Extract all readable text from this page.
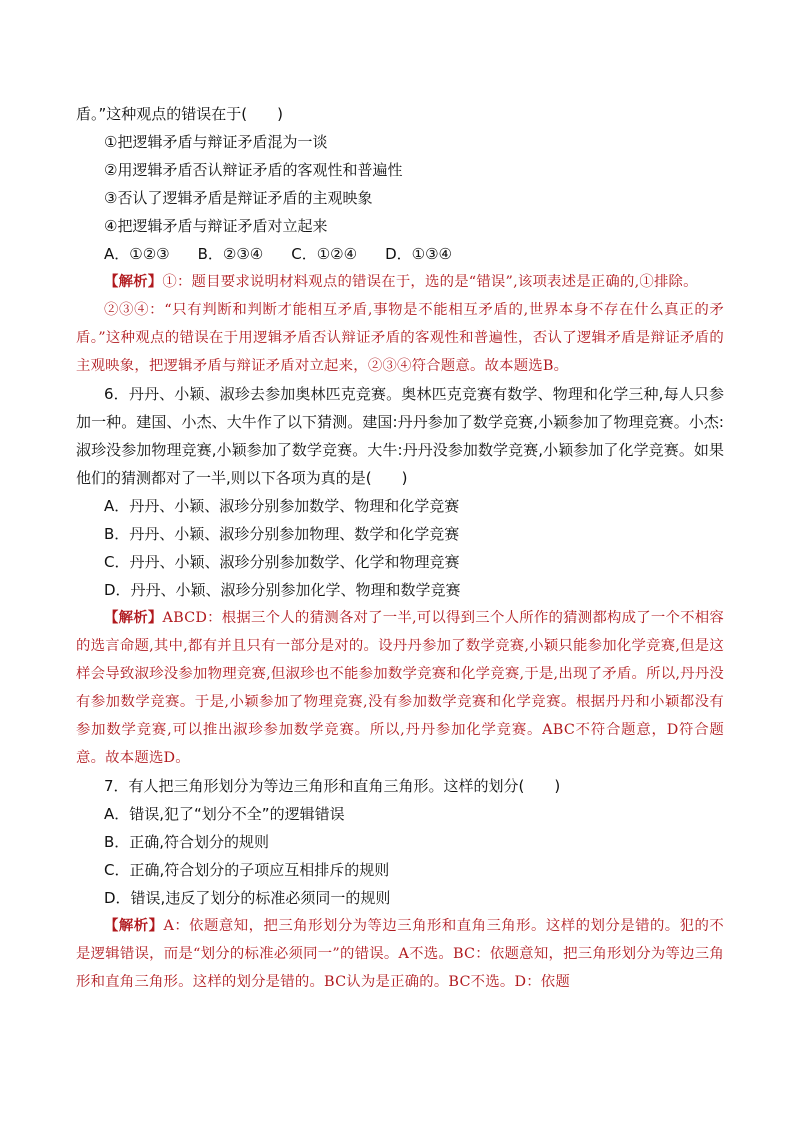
盾。”这种观点的错误在于(　　)
①把逻辑矛盾与辩证矛盾混为一谈
②用逻辑矛盾否认辩证矛盾的客观性和普遍性
③否认了逻辑矛盾是辩证矛盾的主观映象
④把逻辑矛盾与辩证矛盾对立起来
A．①②③ B．②③④ C．①②④ D．①③④
【解析】①：题目要求说明材料观点的错误在于，选的是“错误”,该项表述是正确的,①排除。
②③④：“只有判断和判断才能相互矛盾,事物是不能相互矛盾的,世界本身不存在什么真正的矛盾。”这种观点的错误在于用逻辑矛盾否认辩证矛盾的客观性和普遍性，否认了逻辑矛盾是辩证矛盾的主观映象，把逻辑矛盾与辩证矛盾对立起来，②③④符合题意。故本题选B。
6．丹丹、小颖、淑珍去参加奥林匹克竞赛。奥林匹克竞赛有数学、物理和化学三种,每人只参加一种。建国、小杰、大牛作了以下猜测。建国:丹丹参加了数学竞赛,小颖参加了物理竞赛。小杰:淑珍没参加物理竞赛,小颖参加了数学竞赛。大牛:丹丹没参加数学竞赛,小颖参加了化学竞赛。如果他们的猜测都对了一半,则以下各项为真的是(　　)
A．丹丹、小颖、淑珍分别参加数学、物理和化学竞赛
B．丹丹、小颖、淑珍分别参加物理、数学和化学竞赛
C．丹丹、小颖、淑珍分别参加数学、化学和物理竞赛
D．丹丹、小颖、淑珍分别参加化学、物理和数学竞赛
【解析】ABCD：根据三个人的猜测各对了一半,可以得到三个人所作的猜测都构成了一个不相容的选言命题,其中,都有并且只有一部分是对的。设丹丹参加了数学竞赛,小颖只能参加化学竞赛,但是这样会导致淑珍没参加物理竞赛,但淑珍也不能参加数学竞赛和化学竞赛,于是,出现了矛盾。所以,丹丹没有参加数学竞赛。于是,小颖参加了物理竞赛,没有参加数学竞赛和化学竞赛。根据丹丹和小颖都没有参加数学竞赛,可以推出淑珍参加数学竞赛。所以,丹丹参加化学竞赛。ABC不符合题意，D符合题意。故本题选D。
7．有人把三角形划分为等边三角形和直角三角形。这样的划分(　　)
A．错误,犯了“划分不全”的逻辑错误
B．正确,符合划分的规则
C．正确,符合划分的子项应互相排斥的规则
D．错误,违反了划分的标准必须同一的规则
【解析】A：依题意知，把三角形划分为等边三角形和直角三角形。这样的划分是错的。犯的不是逻辑错误，而是“划分的标准必须同一”的错误。A不选。BC：依题意知，把三角形划分为等边三角形和直角三角形。这样的划分是错的。BC认为是正确的。BC不选。D：依题
